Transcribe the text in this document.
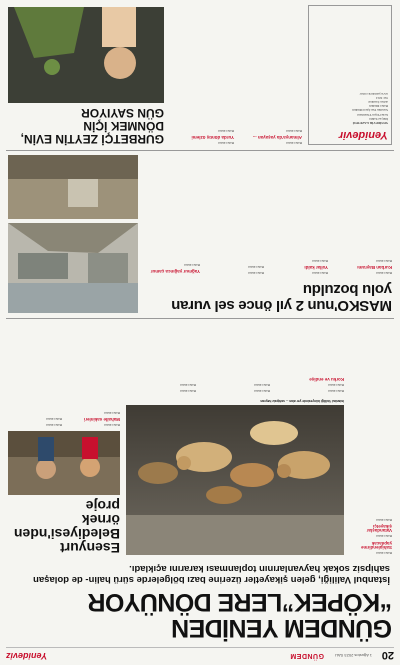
20
1 Ağustos 2023 SALI
GÜNDEM
Yenideviz
GÜNDEM YENİDEN “KÖPEK”LERE DÖNÜYOR
İstanbul Valiliği, gelen şikayetler üzerine bazı bölgelerde sürü halin- de dolaşan sahipsiz sokak hayvanlarının toplanması kararını açıkladı.

Haber metni

Sahiplendirme yapılacak

Haber metni

Vatandaşlar şikayetçi

Haber metni

İstanbul Valiliği bünyesinde yer alan ... sahipsiz hayvan

Haber metni

Haber metni

Korku ve endişe

Haber metni

Haber metni

Haber metni

Haber metni

Esenyurt
Belediyesi'nden
örnek
proje

Haber metni

Mahalle sakinleri

Haber metni

Haber metni

Haber metni

MASKO'nun 2 yıl önce sel vuran yolu bozuldu

Haber metni

Kurban Bayramı

Haber metni

Haber metni

Yollar kaldı

Haber metni

Haber metni

Haber metni

Yağmur yağınca çamur

Haber metni

Yenidevir
YENİDEVİR GAZETESİ
İmtiyaz Sahibi
Genel Yayın Yönetmeni
Sorumlu Yazı İşleri Müdürü
Haber Müdürü
Adres: İstanbul
Tel: 0212
www.yenidevir.com.tr

Haber metni

Almanya'da yaşayan ...

Haber metni

Haber metni

Yurda dönüş özlemi

Haber metni

GURBETÇİ ZEYTİN EVİN,
DÖNMEK İÇİN
GÜN SAYIYOR
